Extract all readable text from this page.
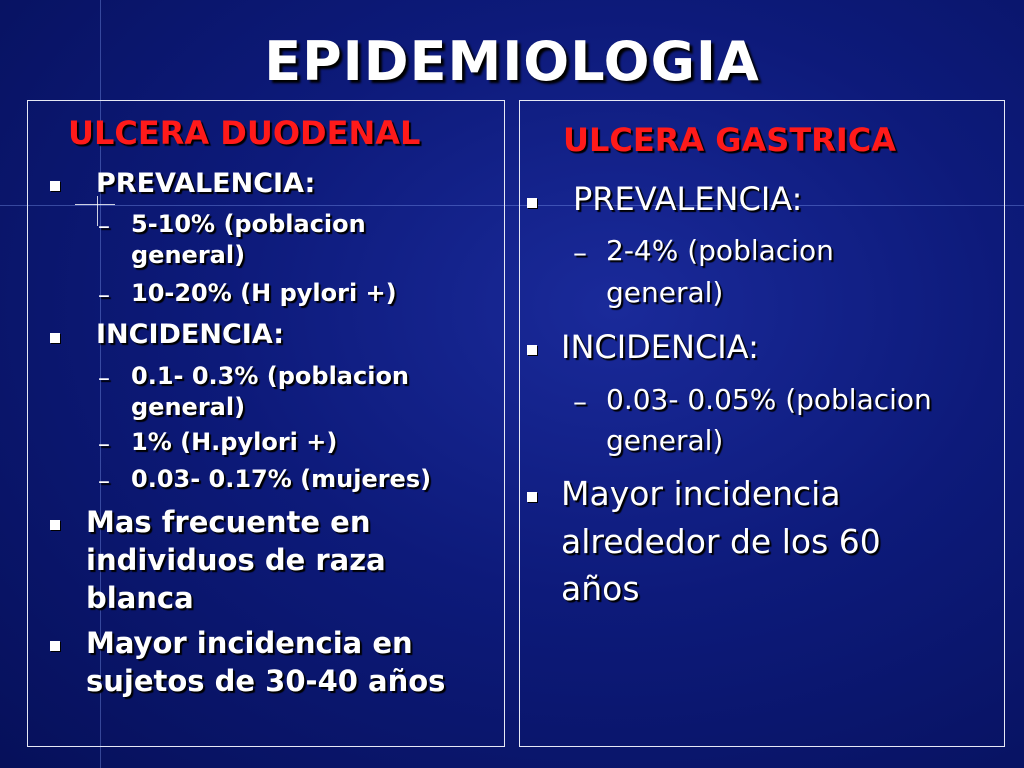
EPIDEMIOLOGIA
ULCERA DUODENAL
PREVALENCIA:
– 5-10% (poblacion
general)
– 10-20% (H pylori +)
INCIDENCIA:
– 0.1- 0.3% (poblacion
general)
– 1% (H.pylori +)
– 0.03- 0.17% (mujeres)
Mas frecuente en
individuos de raza
blanca
Mayor incidencia en
sujetos de 30-40 años
ULCERA GASTRICA
PREVALENCIA:
– 2-4% (poblacion
general)
INCIDENCIA:
– 0.03- 0.05% (poblacion
general)
Mayor incidencia
alrededor de los 60
años
